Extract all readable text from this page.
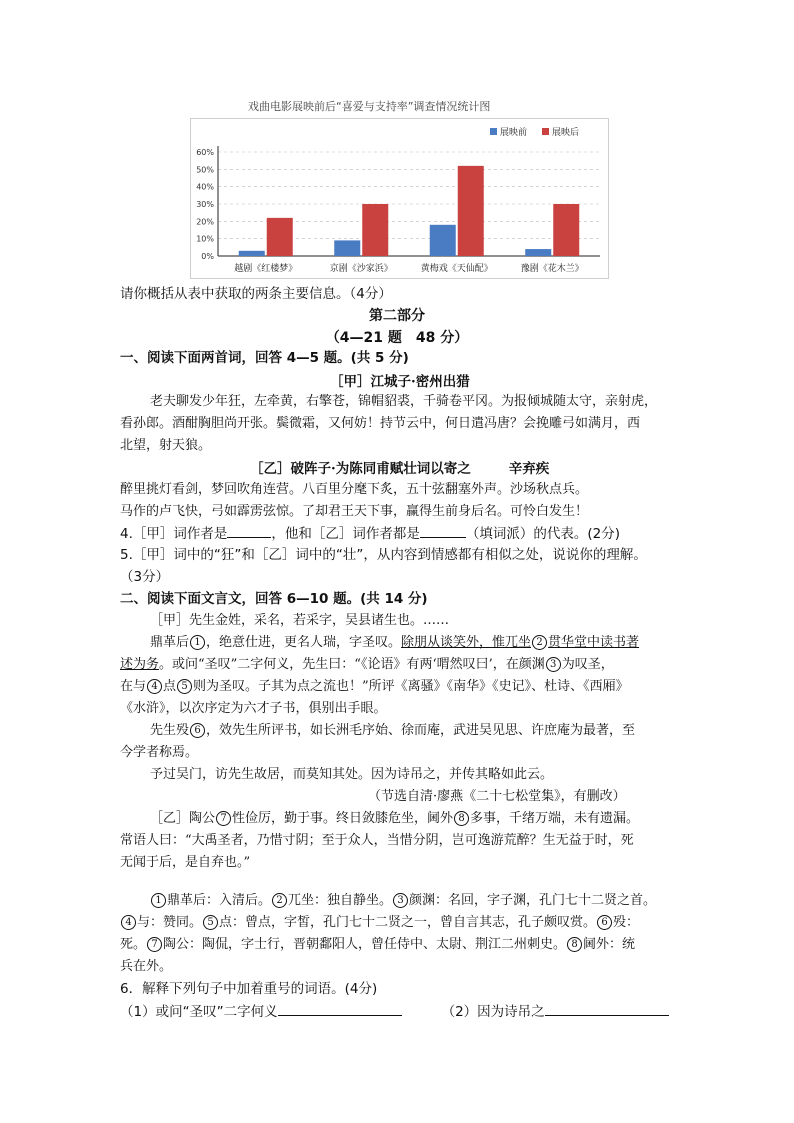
戏曲电影展映前后“喜爱与支持率”调查情况统计图
0%
10%
20%
30%
40%
50%
60%
越剧《红楼梦》	京剧《沙家浜》	黄梅戏《天仙配》	豫剧《花木兰》
展映前	展映后
请你概括从表中获取的两条主要信息。（4分）
第二部分
（4—21 题　48 分）
一、阅读下面两首词，回答 4—5 题。(共 5 分)
［甲］江城子·密州出猎
老夫聊发少年狂，左牵黄，右擎苍，锦帽貂裘，千骑卷平冈。为报倾城随太守，亲射虎，
看孙郎。酒酣胸胆尚开张。鬓微霜，又何妨！持节云中，何日遣冯唐？会挽雕弓如满月，西
北望，射天狼。
［乙］破阵子·为陈同甫赋壮词以寄之	辛弃疾
醉里挑灯看剑，梦回吹角连营。八百里分麾下炙，五十弦翻塞外声。沙场秋点兵。
马作的卢飞快，弓如霹雳弦惊。了却君王天下事，赢得生前身后名。可怜白发生！
4.［甲］词作者是	，他和［乙］词作者都是	（填词派）的代表。(2分)
5.［甲］词中的“狂”和［乙］词中的“壮”，从内容到情感都有相似之处，说说你的理解。
（3分）
二、阅读下面文言文，回答 6—10 题。(共 14 分)
［甲］先生金姓，采名，若采字，吴县诸生也。……
鼎革后 1 ，绝意仕进，更名人瑞，字圣叹。除朋从谈笑外，惟兀坐 2 贯华堂中读书著
述为务。或问“圣叹”二字何义，先生曰：“《论语》有两‘喟然叹曰’，在颜渊 3 为叹圣，
在与 4 点 5 则为圣叹。子其为点之流也！”所评《离骚》《南华》《史记》、杜诗、《西厢》
《水浒》，以次序定为六才子书，俱别出手眼。
先生殁 6 ，效先生所评书，如长洲毛序始、徐而庵，武进吴见思、许庶庵为最著，至
今学者称焉。
予过吴门，访先生故居，而莫知其处。因为诗吊之，并传其略如此云。
（节选自清·廖燕《二十七松堂集》，有删改）
［乙］陶公 7 性俭厉，勤于事。终日敛膝危坐，阃外 8 多事，千绪万端，未有遗漏。
常语人曰：“大禹圣者，乃惜寸阴；至于众人，当惜分阴，岂可逸游荒醉？生无益于时，死
无闻于后，是自弃也。”
1 鼎革后：入清后。 2 兀坐：独自静坐。 3 颜渊：名回，字子渊，孔门七十二贤之首。
4 与：赞同。 5 点：曾点，字皙，孔门七十二贤之一，曾自言其志，孔子颇叹赏。 6 殁：
死。 7 陶公：陶侃，字士行，晋朝鄱阳人，曾任侍中、太尉、荆江二州刺史。 8 阃外：统
兵在外。
6．解释下列句子中加着重号的词语。(4分)
（1）或问“圣叹”二字何义	（2）因为诗吊之
